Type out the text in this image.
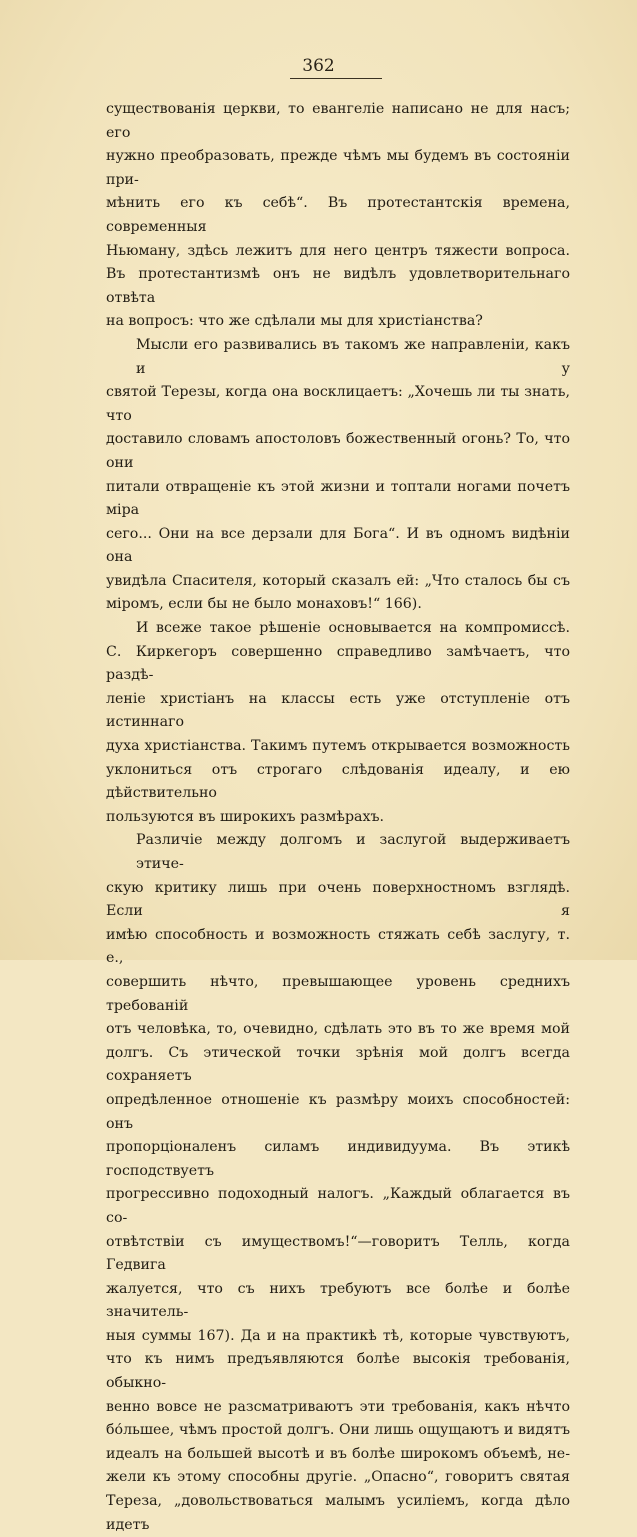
362

существованія церкви, то евангеліе написано не для насъ; его
нужно преобразовать, прежде чѣмъ мы будемъ въ состояніи при-
мѣнить его къ себѣ“. Въ протестантскія времена, современныя
Ньюману, здѣсь лежитъ для него центръ тяжести вопроса.
Въ протестантизмѣ онъ не видѣлъ удовлетворительнаго отвѣта
на вопросъ: что же сдѣлали мы для христіанства?

Мысли его развивались въ такомъ же направленіи, какъ и у
святой Терезы, когда она восклицаетъ: „Хочешь ли ты знать, что
доставило словамъ апостоловъ божественный огонь? То, что они
питали отвращеніе къ этой жизни и топтали ногами почетъ міра
сего... Они на все дерзали для Бога“. И въ одномъ видѣніи она
увидѣла Спасителя, который сказалъ ей: „Что сталось бы съ
міромъ, если бы не было монаховъ!“ 166).

И всеже такое рѣшеніе основывается на компромиссѣ.
С. Киркегоръ совершенно справедливо замѣчаетъ, что раздѣ-
леніе христіанъ на классы есть уже отступленіе отъ истиннаго
духа христіанства. Такимъ путемъ открывается возможность
уклониться отъ строгаго слѣдованія идеалу, и ею дѣйствительно
пользуются въ широкихъ размѣрахъ.

Различіе между долгомъ и заслугой выдерживаетъ этиче-
скую критику лишь при очень поверхностномъ взглядѣ. Если я
имѣю способность и возможность стяжать себѣ заслугу, т. е.,
совершить нѣчто, превышающее уровень среднихъ требованій
отъ человѣка, то, очевидно, сдѣлать это въ то же время мой
долгъ. Съ этической точки зрѣнія мой долгъ всегда сохраняетъ
опредѣленное отношеніе къ размѣру моихъ способностей: онъ
пропорціоналенъ силамъ индивидуума. Въ этикѣ господствуетъ
прогрессивно подоходный налогъ. „Каждый облагается въ со-
отвѣтствіи съ имуществомъ!“—говоритъ Телль, когда Гедвига
жалуется, что съ нихъ требуютъ все болѣе и болѣе значитель-
ныя суммы 167). Да и на практикѣ тѣ, которые чувствуютъ,
что къ нимъ предъявляются болѣе высокія требованія, обыкно-
венно вовсе не разсматриваютъ эти требованія, какъ нѣчто
бо́льшее, чѣмъ простой долгъ. Они лишь ощущаютъ и видятъ
идеалъ на большей высотѣ и въ болѣе широкомъ объемѣ, не-
жели къ этому способны другіе. „Опасно“, говоритъ святая
Тереза, „довольствоваться малымъ усиліемъ, когда дѣло идетъ
